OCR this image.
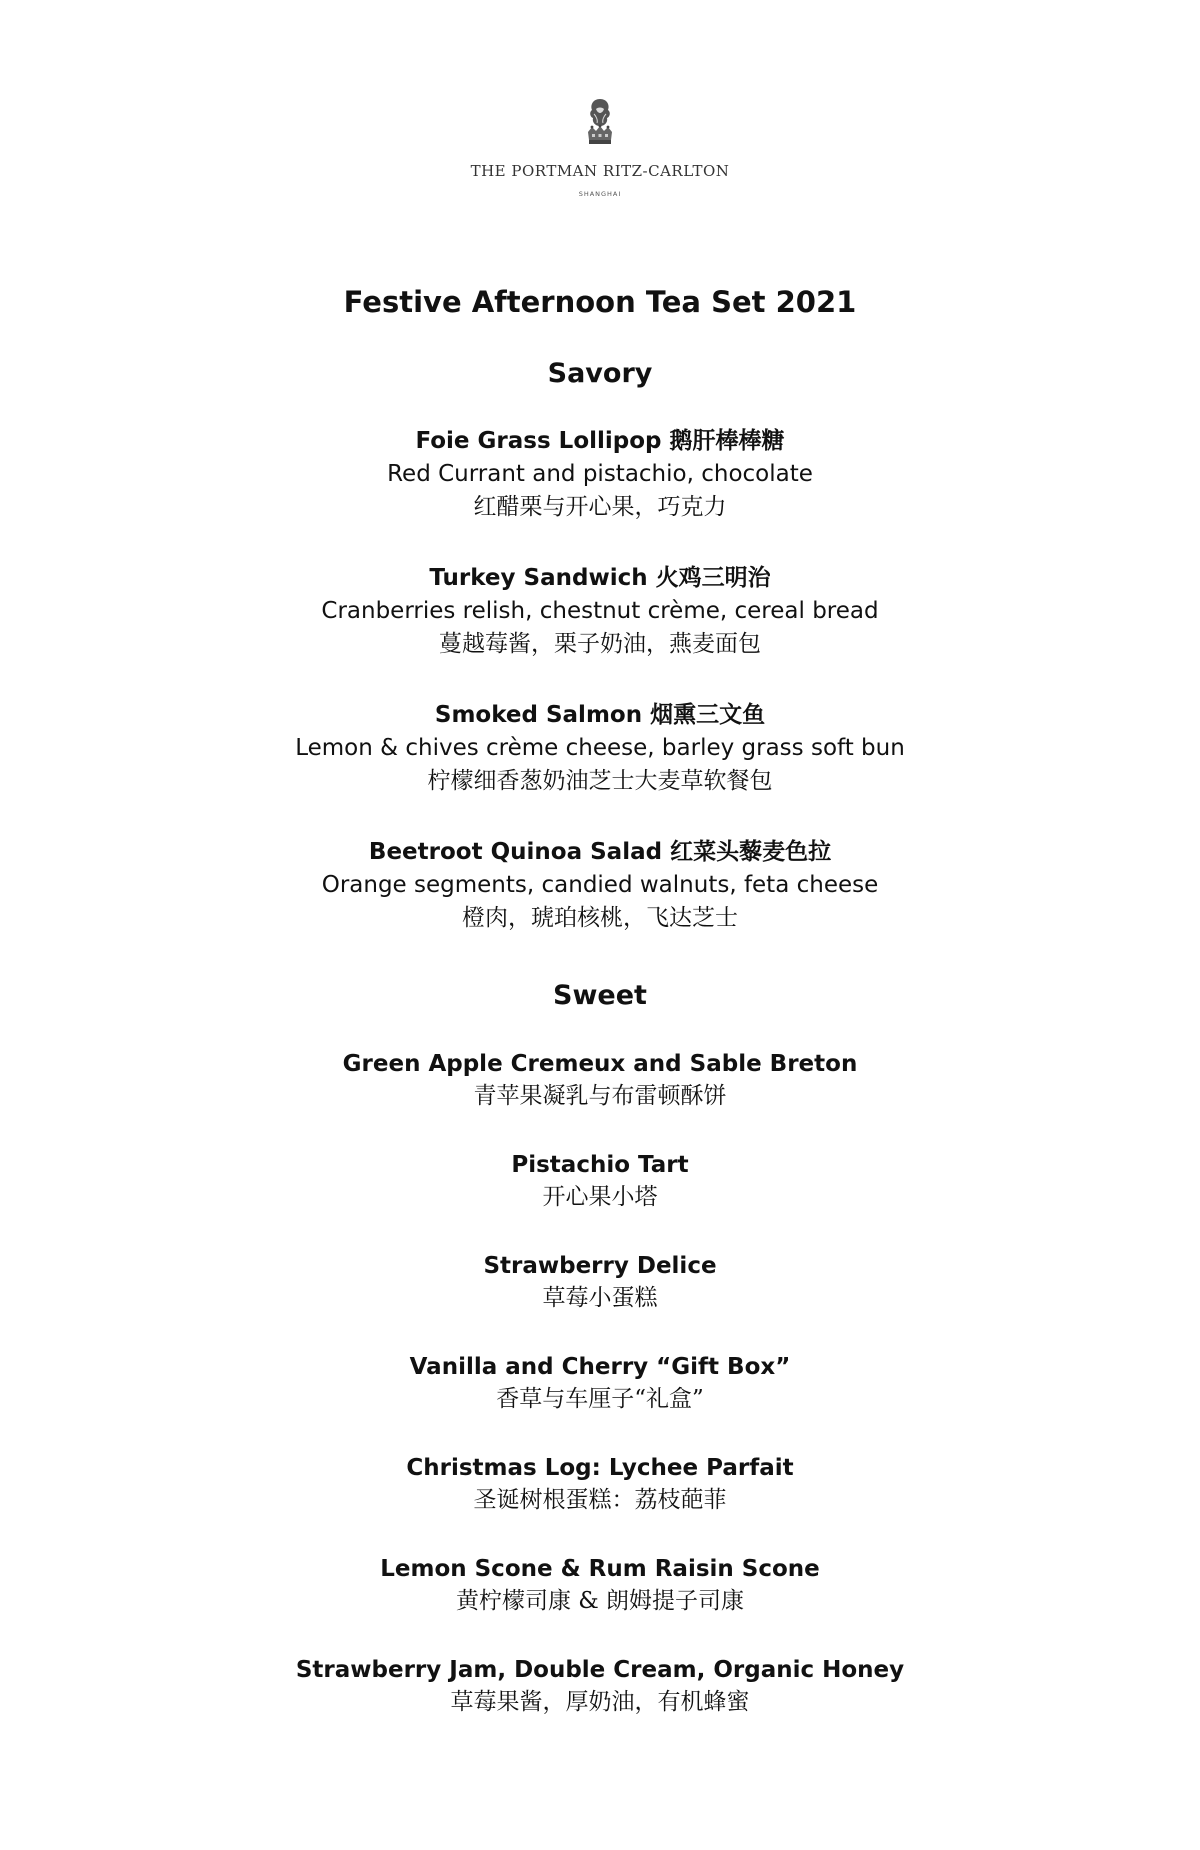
THE PORTMAN RITZ-CARLTON
SHANGHAI
Festive Afternoon Tea Set 2021
Savory
Foie Grass Lollipop 鹅肝棒棒糖
Red Currant and pistachio, chocolate
红醋栗与开心果，巧克力
Turkey Sandwich 火鸡三明治
Cranberries relish, chestnut crème, cereal bread
蔓越莓酱，栗子奶油，燕麦面包
Smoked Salmon 烟熏三文鱼
Lemon & chives crème cheese, barley grass soft bun
柠檬细香葱奶油芝士大麦草软餐包
Beetroot Quinoa Salad 红菜头藜麦色拉
Orange segments, candied walnuts, feta cheese
橙肉，琥珀核桃，飞达芝士
Sweet
Green Apple Cremeux and Sable Breton
青苹果凝乳与布雷顿酥饼
Pistachio Tart
开心果小塔
Strawberry Delice
草莓小蛋糕
Vanilla and Cherry “Gift Box”
香草与车厘子“礼盒”
Christmas Log: Lychee Parfait
圣诞树根蛋糕：荔枝葩菲
Lemon Scone & Rum Raisin Scone
黄柠檬司康 & 朗姆提子司康
Strawberry Jam, Double Cream, Organic Honey
草莓果酱，厚奶油，有机蜂蜜
